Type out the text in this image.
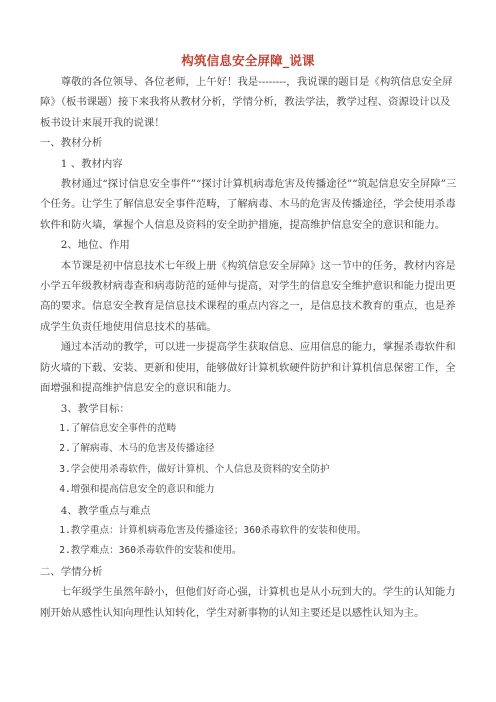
构筑信息安全屏障_说课

尊敬的各位领导、各位老师，上午好！我是--------，我说课的题目是《构筑信息安全屏障》（板书课题）接下来我将从教材分析，学情分析，教法学法，教学过程、资源设计以及板书设计来展开我的说课！

一、教材分析

1 、教材内容

教材通过“探讨信息安全事件”“探讨计算机病毒危害及传播途径”“筑起信息安全屏障”三个任务。让学生了解信息安全事件范畴，了解病毒、木马的危害及传播途径，学会使用杀毒软件和防火墙，掌握个人信息及资料的安全助护措施，提高维护信息安全的意识和能力。

2、地位、作用

本节课是初中信息技术七年级上册《构筑信息安全屏障》这一节中的任务，教材内容是小学五年级教材病毒查和病毒防范的延伸与提高，对学生的信息安全维护意识和能力提出更高的要求。信息安全教育是信息技术课程的重点内容之一，是信息技术教育的重点，也是养成学生负责任地使用信息技术的基础。

通过本活动的教学，可以进一步提高学生获取信息、应用信息的能力，掌握杀毒软件和防火墙的下载、安装、更新和使用，能够做好计算机软硬件防护和计算机信息保密工作，全面增强和提高维护信息安全的意识和能力。

3、教学目标：

1.了解信息安全事件的范畴

2.了解病毒、木马的危害及传播途径

3.学会使用杀毒软件，做好计算机、个人信息及资料的安全防护

4.增强和提高信息安全的意识和能力

4、教学重点与难点

1.教学重点：计算机病毒危害及传播途径；360杀毒软件的安装和使用。

2.教学难点：360杀毒软件的安装和使用。

二、学情分析

七年级学生虽然年龄小，但他们好奇心强，计算机也是从小玩到大的。学生的认知能力刚开始从感性认知向理性认知转化，学生对新事物的认知主要还是以感性认知为主。
